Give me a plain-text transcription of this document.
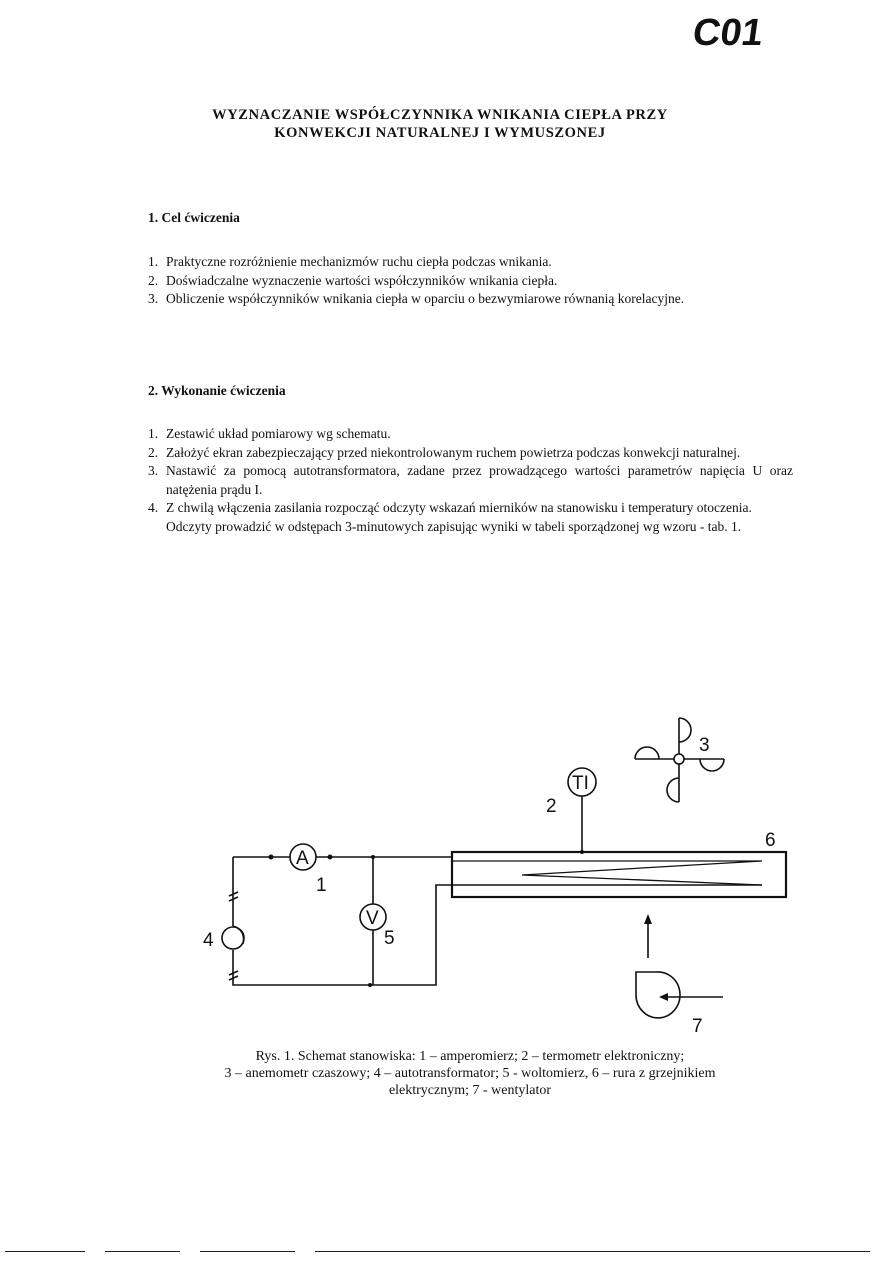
C01
WYZNACZANIE WSPÓŁCZYNNIKA WNIKANIA CIEPŁA PRZY
KONWEKCJI NATURALNEJ I WYMUSZONEJ
1. Cel ćwiczenia
1. Praktyczne rozróżnienie mechanizmów ruchu ciepła podczas wnikania.
2. Doświadczalne wyznaczenie wartości współczynników wnikania ciepła.
3. Obliczenie współczynników wnikania ciepła w oparciu o bezwymiarowe równanią korelacyjne.
2. Wykonanie ćwiczenia
1. Zestawić układ pomiarowy wg schematu.
2. Założyć ekran zabezpieczający przed niekontrolowanym ruchem powietrza podczas konwekcji naturalnej.
3. Nastawić za pomocą autotransformatora, zadane przez prowadzącego wartości parametrów napięcia U oraz natężenia prądu I.
4. Z chwilą włączenia zasilania rozpocząć odczyty wskazań mierników na stanowisku i temperatury otoczenia. Odczyty prowadzić w odstępach 3-minutowych zapisując wyniki w tabeli sporządzonej wg wzoru - tab. 1.
A
V
TI
1
2
3
4	5
6
7
Rys. 1. Schemat stanowiska: 1 – amperomierz; 2 – termometr elektroniczny;
3 – anemometr czaszowy; 4 – autotransformator; 5 - woltomierz, 6 – rura z grzejnikiem
elektrycznym; 7 - wentylator
